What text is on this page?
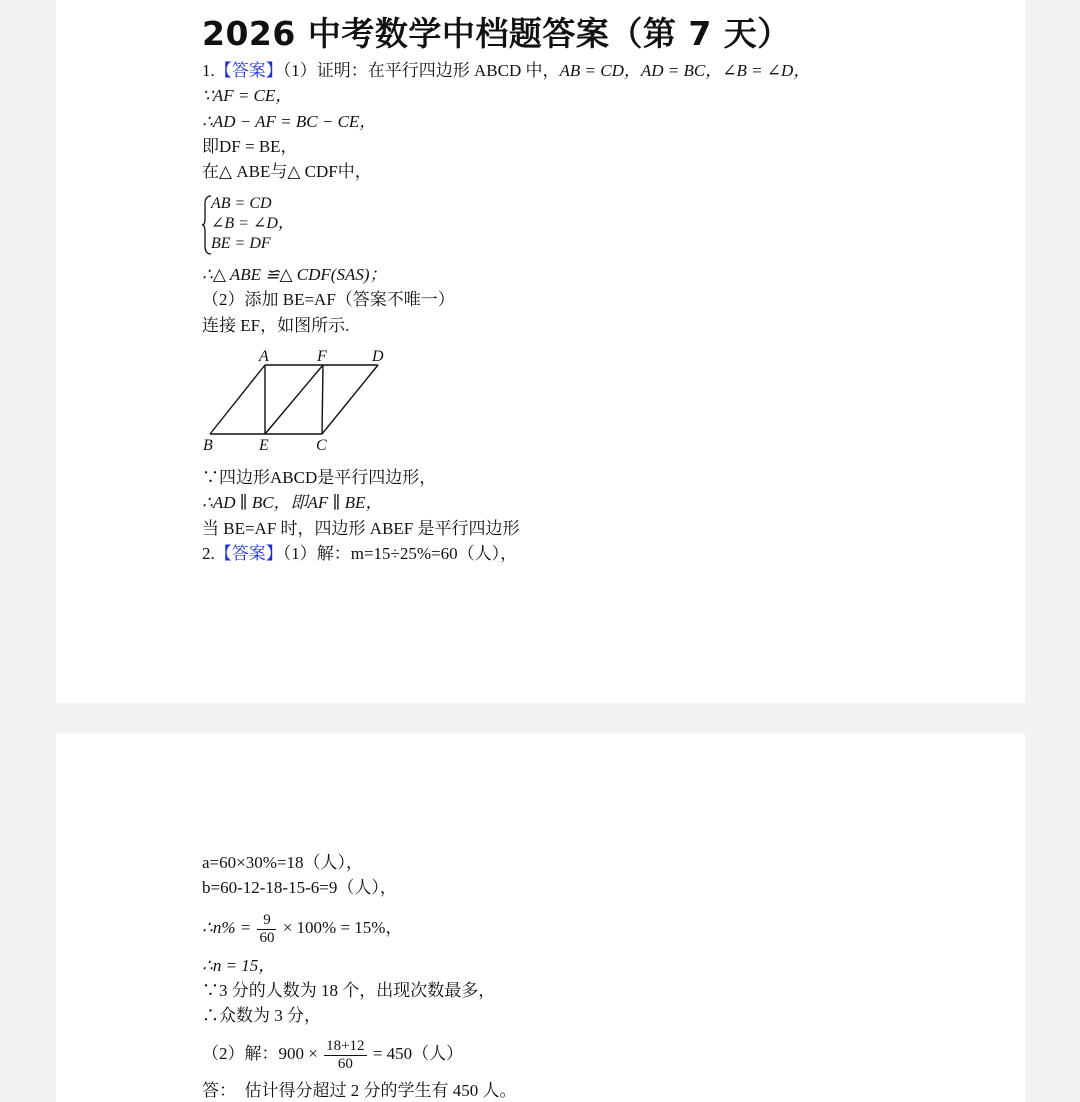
2026 中考数学中档题答案（第 7 天）
1.【答案】（1）证明：在平行四边形 ABCD 中，AB = CD，AD = BC，∠B = ∠D，
∵AF = CE，
∴AD − AF = BC − CE，
即DF = BE，
在△ ABE与△ CDF中，
AB = CD
∠B = ∠D，
BE = DF
∴△ ABE ≌△ CDF(SAS)；
（2）添加 BE=AF（答案不唯一）
连接 EF，如图所示.
A	F	D
B	E	C
∵四边形ABCD是平行四边形，
∴AD ∥ BC，即AF ∥ BE，
当 BE=AF 时，四边形 ABEF 是平行四边形
2.【答案】（1）解：m=15÷25%=60（人），
a=60×30%=18（人），
b=60-12-18-15-6=9（人），
∴n% = $\frac{9}{60} \times 100\% = 15\%$，
∴n = 15，
∵3 分的人数为 18 个，出现次数最多，
∴众数为 3 分，
（2）解：$900 \times \frac{18+12}{60} = 450$（人）
答：  估计得分超过 2 分的学生有 450 人。
